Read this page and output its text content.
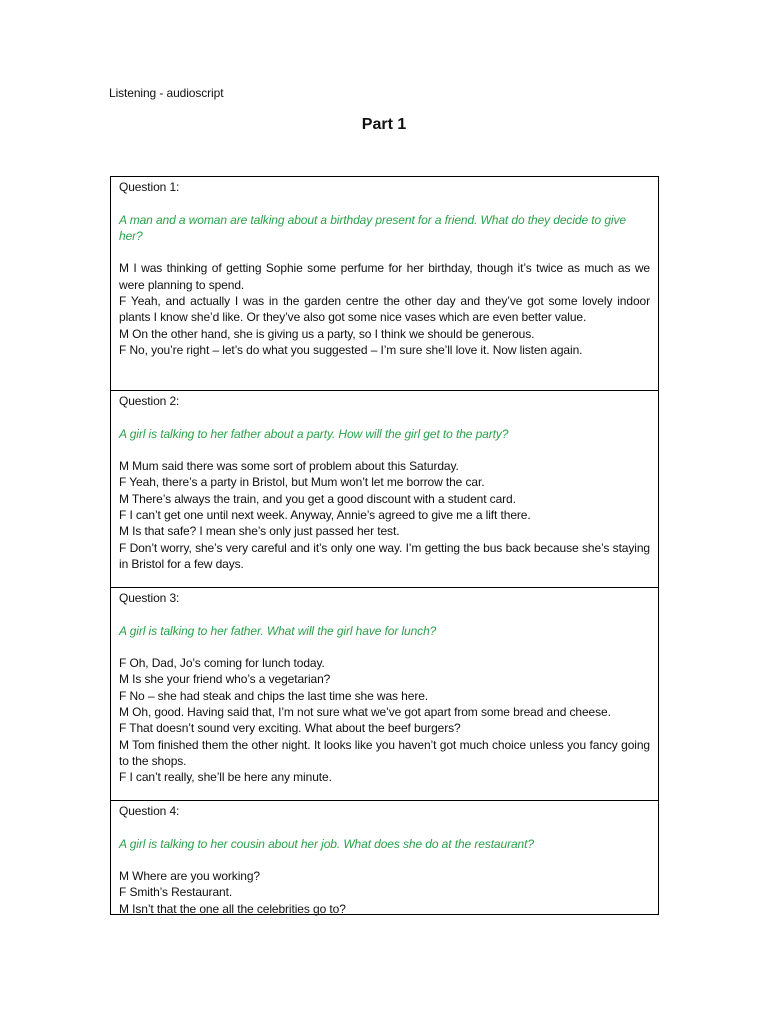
Listening - audioscript
Part 1
Question 1:
A man and a woman are talking about a birthday present for a friend. What do they decide to give her?
M I was thinking of getting Sophie some perfume for her birthday, though it’s twice as much as we were planning to spend.
F Yeah, and actually I was in the garden centre the other day and they’ve got some lovely indoor plants I know she’d like. Or they’ve also got some nice vases which are even better value.
M On the other hand, she is giving us a party, so I think we should be generous.
F No, you’re right – let’s do what you suggested – I’m sure she’ll love it. Now listen again.
Question 2:
A girl is talking to her father about a party. How will the girl get to the party?
M Mum said there was some sort of problem about this Saturday.
F Yeah, there’s a party in Bristol, but Mum won’t let me borrow the car.
M There’s always the train, and you get a good discount with a student card.
F I can’t get one until next week. Anyway, Annie’s agreed to give me a lift there.
M Is that safe? I mean she’s only just passed her test.
F Don’t worry, she’s very careful and it’s only one way. I’m getting the bus back because she’s staying in Bristol for a few days.
Question 3:
A girl is talking to her father. What will the girl have for lunch?
F Oh, Dad, Jo’s coming for lunch today.
M Is she your friend who’s a vegetarian?
F No – she had steak and chips the last time she was here.
M Oh, good. Having said that, I’m not sure what we’ve got apart from some bread and cheese.
F That doesn’t sound very exciting. What about the beef burgers?
M Tom finished them the other night. It looks like you haven’t got much choice unless you fancy going to the shops.
F I can’t really, she’ll be here any minute.
Question 4:
A girl is talking to her cousin about her job. What does she do at the restaurant?
M Where are you working?
F Smith’s Restaurant.
M Isn’t that the one all the celebrities go to?
